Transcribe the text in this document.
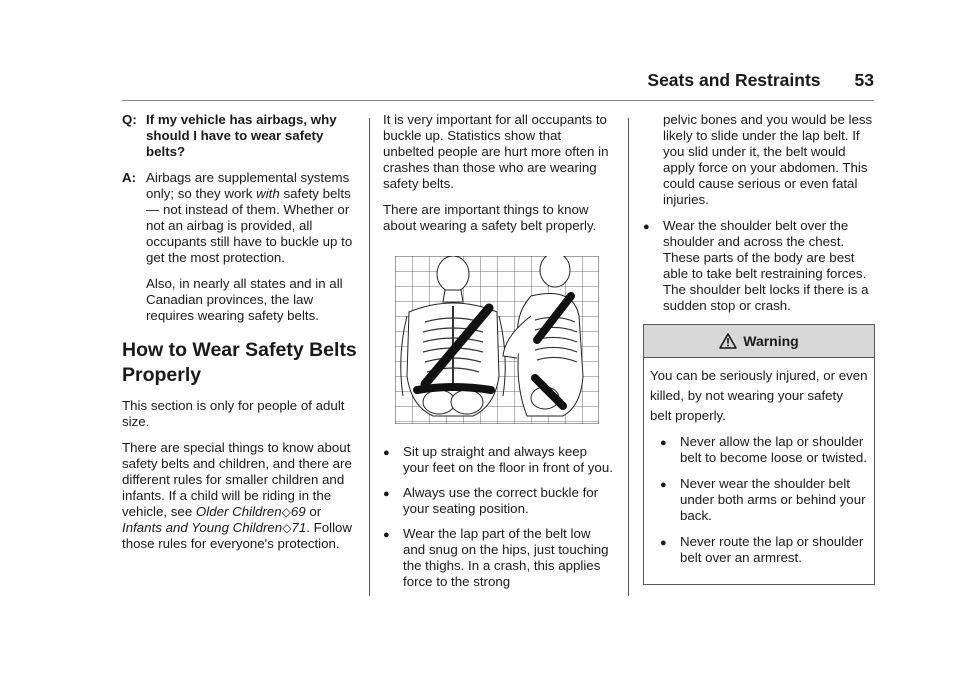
Seats and Restraints 53
Q: If my vehicle has airbags, why should I have to wear safety belts?
A: Airbags are supplemental systems only; so they work with safety belts — not instead of them. Whether or not an airbag is provided, all occupants still have to buckle up to get the most protection.

Also, in nearly all states and in all Canadian provinces, the law requires wearing safety belts.

How to Wear Safety Belts Properly

This section is only for people of adult size.

There are special things to know about safety belts and children, and there are different rules for smaller children and infants. If a child will be riding in the vehicle, see Older Children◇69 or Infants and Young Children◇71. Follow those rules for everyone's protection.

It is very important for all occupants to buckle up. Statistics show that unbelted people are hurt more often in crashes than those who are wearing safety belts.

There are important things to know about wearing a safety belt properly.

●	Sit up straight and always keep your feet on the floor in front of you.
●	Always use the correct buckle for your seating position.
●	Wear the lap part of the belt low and snug on the hips, just touching the thighs. In a crash, this applies force to the strong

pelvic bones and you would be less likely to slide under the lap belt. If you slid under it, the belt would apply force on your abdomen. This could cause serious or even fatal injuries.

●	Wear the shoulder belt over the shoulder and across the chest. These parts of the body are best able to take belt restraining forces. The shoulder belt locks if there is a sudden stop or crash.
Warning
You can be seriously injured, or even killed, by not wearing your safety belt properly.
●	Never allow the lap or shoulder belt to become loose or twisted.
●	Never wear the shoulder belt under both arms or behind your back.
●	Never route the lap or shoulder belt over an armrest.
